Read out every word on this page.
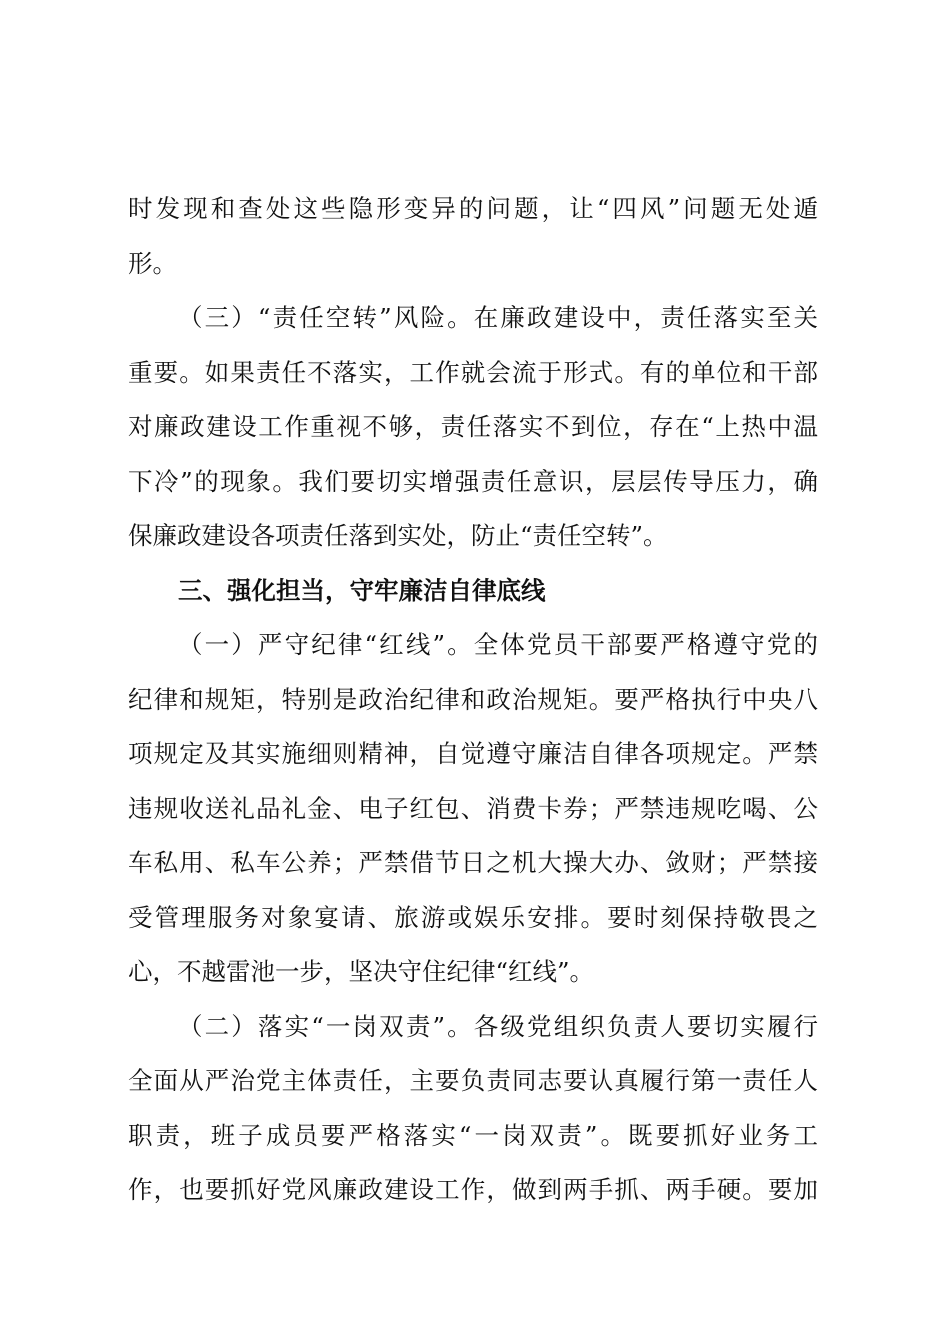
时发现和查处这些隐形变异的问题，让“四风”问题无处遁
形。
（三）“责任空转”风险。在廉政建设中，责任落实至关
重要。如果责任不落实，工作就会流于形式。有的单位和干部
对廉政建设工作重视不够，责任落实不到位，存在“上热中温
下冷”的现象。我们要切实增强责任意识，层层传导压力，确
保廉政建设各项责任落到实处，防止“责任空转”。
三、强化担当，守牢廉洁自律底线
（一）严守纪律“红线”。全体党员干部要严格遵守党的
纪律和规矩，特别是政治纪律和政治规矩。要严格执行中央八
项规定及其实施细则精神，自觉遵守廉洁自律各项规定。严禁
违规收送礼品礼金、电子红包、消费卡券；严禁违规吃喝、公
车私用、私车公养；严禁借节日之机大操大办、敛财；严禁接
受管理服务对象宴请、旅游或娱乐安排。要时刻保持敬畏之
心，不越雷池一步，坚决守住纪律“红线”。
（二）落实“一岗双责”。各级党组织负责人要切实履行
全面从严治党主体责任，主要负责同志要认真履行第一责任人
职责，班子成员要严格落实“一岗双责”。既要抓好业务工
作，也要抓好党风廉政建设工作，做到两手抓、两手硬。要加
